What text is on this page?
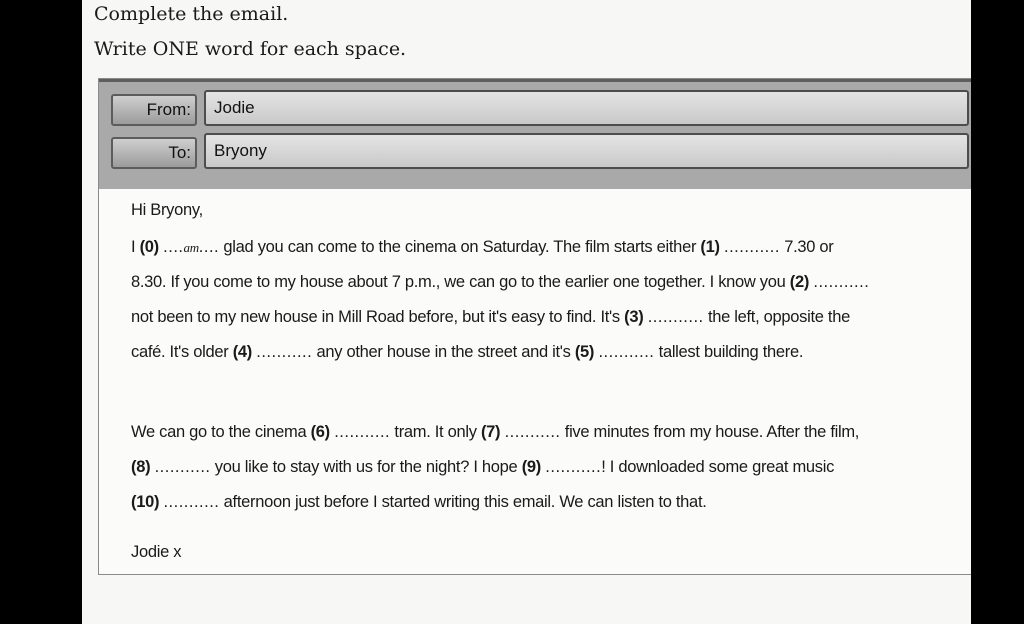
Complete the email.
Write ONE word for each space.
From:	Jodie
To:	Bryony
Hi Bryony,
I (0) ....am.... glad you can come to the cinema on Saturday. The film starts either (1) ........... 7.30 or
8.30. If you come to my house about 7 p.m., we can go to the earlier one together. I know you (2) ...........
not been to my new house in Mill Road before, but it's easy to find. It's (3) ........... the left, opposite the
café. It's older (4) ........... any other house in the street and it's (5) ........... tallest building there.
We can go to the cinema (6) ........... tram. It only (7) ........... five minutes from my house. After the film,
(8) ........... you like to stay with us for the night? I hope (9) ...........! I downloaded some great music
(10) ........... afternoon just before I started writing this email. We can listen to that.
Jodie x
